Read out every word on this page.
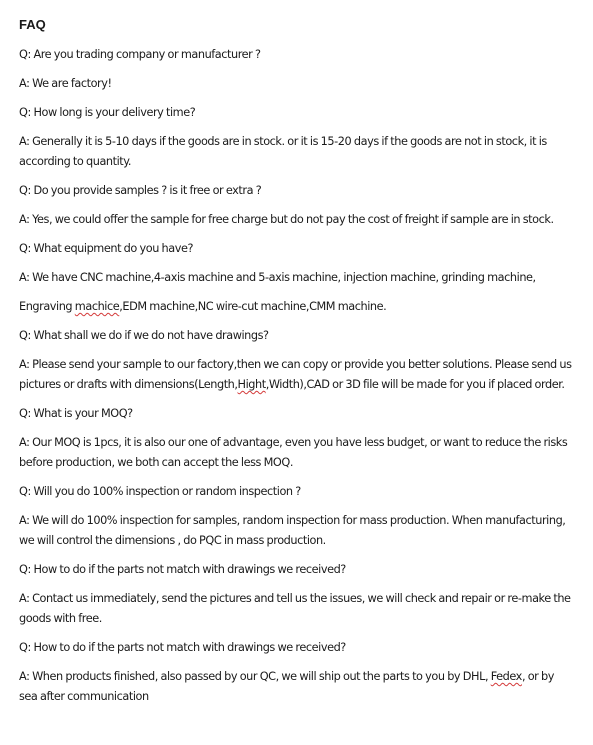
FAQ
Q: Are you trading company or manufacturer ?
A: We are factory!
Q: How long is your delivery time?
A: Generally it is 5-10 days if the goods are in stock. or it is 15-20 days if the goods are not in stock, it is
according to quantity.
Q: Do you provide samples ? is it free or extra ?
A: Yes, we could offer the sample for free charge but do not pay the cost of freight if sample are in stock.
Q: What equipment do you have?
A: We have CNC machine,4-axis machine and 5-axis machine, injection machine, grinding machine,
Engraving machice,EDM machine,NC wire-cut machine,CMM machine.
Q: What shall we do if we do not have drawings?
A: Please send your sample to our factory,then we can copy or provide you better solutions. Please send us
pictures or drafts with dimensions(Length,Hight,Width),CAD or 3D file will be made for you if placed order.
Q: What is your MOQ?
A: Our MOQ is 1pcs, it is also our one of advantage, even you have less budget, or want to reduce the risks
before production, we both can accept the less MOQ.
Q: Will you do 100% inspection or random inspection ?
A: We will do 100% inspection for samples, random inspection for mass production. When manufacturing,
we will control the dimensions , do PQC in mass production.
Q: How to do if the parts not match with drawings we received?
A: Contact us immediately, send the pictures and tell us the issues, we will check and repair or re-make the
goods with free.
Q: How to do if the parts not match with drawings we received?
A: When products finished, also passed by our QC, we will ship out the parts to you by DHL, Fedex, or by
sea after communication
